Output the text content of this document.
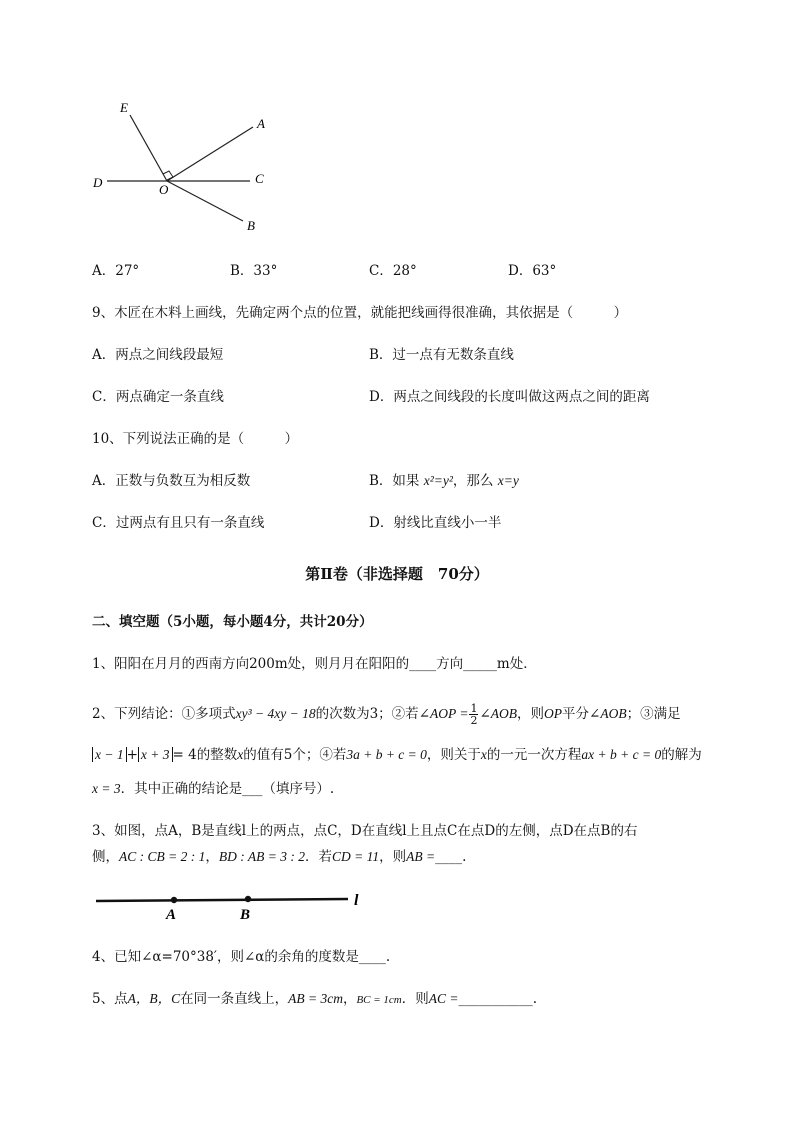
E
A
D	O
C
B
A．27°	B．33°	C．28°	D．63°
9、木匠在木料上画线，先确定两个点的位置，就能把线画得很准确，其依据是（　　　）
A．两点之间线段最短	B．过一点有无数条直线
C．两点确定一条直线	D．两点之间线段的长度叫做这两点之间的距离
10、下列说法正确的是（　　　）
A．正数与负数互为相反数	B．如果 x²=y²，那么 x=y
C．过两点有且只有一条直线	D．射线比直线小一半
第Ⅱ卷（非选择题　70分）
二、填空题（5小题，每小题4分，共计20分）
1、阳阳在月月的西南方向200m处，则月月在阳阳的____方向_____m处．
2、下列结论：①多项式xy³ − 4xy − 18的次数为3；②若∠AOP = $\frac{1}{2}$ ∠AOB，则OP平分∠AOB；③满足
x − 1 + x + 3 = 4的整数x的值有5个；④若3a + b + c = 0，则关于x的一元一次方程ax + b + c = 0的解为
x = 3．其中正确的结论是___（填序号）.
3、如图，点A，B是直线l上的两点，点C，D在直线l上且点C在点D的左侧，点D在点B的右
侧，AC : CB = 2 : 1，BD : AB = 3 : 2．若CD = 11，则AB =____.
A	B
l
4、已知∠α=70°38′，则∠α的余角的度数是____.
5、点A，B，C在同一条直线上，AB = 3cm，BC = 1cm．则AC =___________.
